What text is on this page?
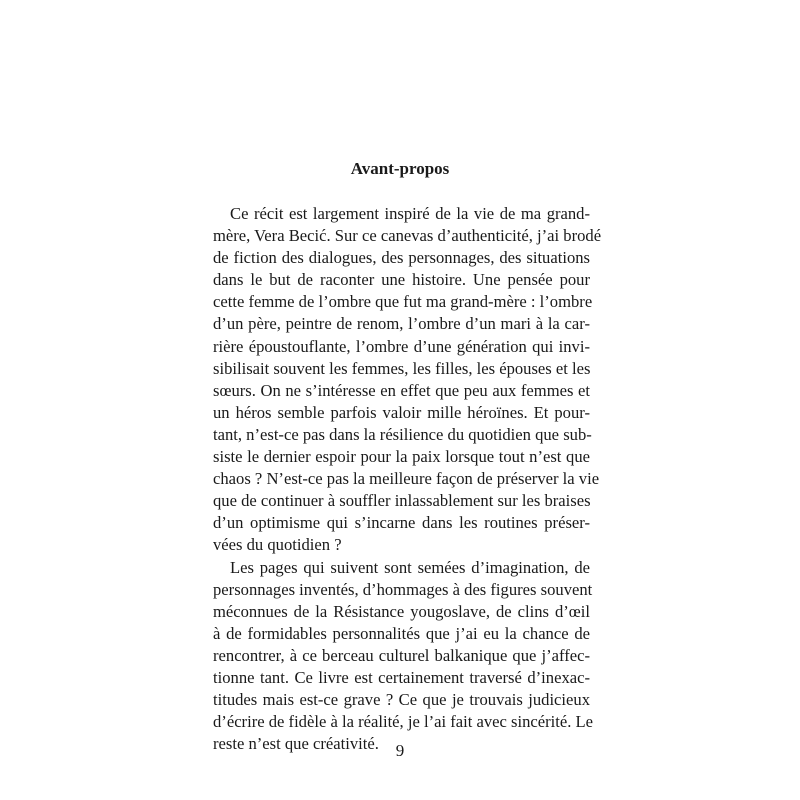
Avant-propos
Ce récit est largement inspiré de la vie de ma grand-
mère, Vera Becić. Sur ce canevas d’authenticité, j’ai brodé
de fiction des dialogues, des personnages, des situations
dans le but de raconter une histoire. Une pensée pour
cette femme de l’ombre que fut ma grand-mère : l’ombre
d’un père, peintre de renom, l’ombre d’un mari à la car-
rière époustouflante, l’ombre d’une génération qui invi-
sibilisait souvent les femmes, les filles, les épouses et les
sœurs. On ne s’intéresse en effet que peu aux femmes et
un héros semble parfois valoir mille héroïnes. Et pour-
tant, n’est-ce pas dans la résilience du quotidien que sub-
siste le dernier espoir pour la paix lorsque tout n’est que
chaos ? N’est-ce pas la meilleure façon de préserver la vie
que de continuer à souffler inlassablement sur les braises
d’un optimisme qui s’incarne dans les routines préser-
vées du quotidien ?
Les pages qui suivent sont semées d’imagination, de
personnages inventés, d’hommages à des figures souvent
méconnues de la Résistance yougoslave, de clins d’œil
à de formidables personnalités que j’ai eu la chance de
rencontrer, à ce berceau culturel balkanique que j’affec-
tionne tant. Ce livre est certainement traversé d’inexac-
titudes mais est-ce grave ? Ce que je trouvais judicieux
d’écrire de fidèle à la réalité, je l’ai fait avec sincérité. Le
reste n’est que créativité. 9
